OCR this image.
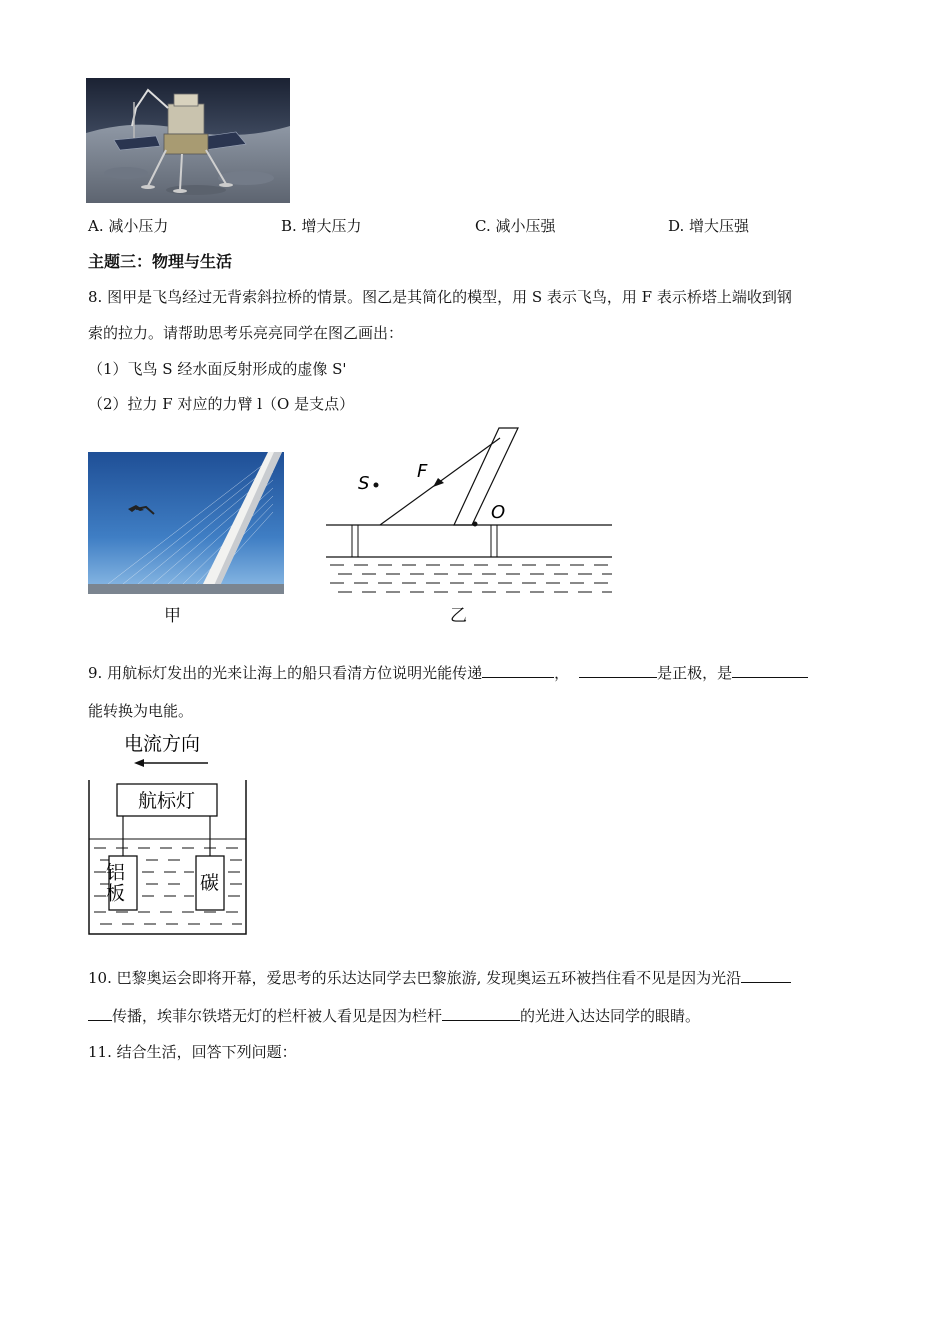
A. 减小压力	B. 增大压力	C. 减小压强	D. 增大压强
主题三：物理与生活
8. 图甲是飞鸟经过无背索斜拉桥的情景。图乙是其简化的模型，用 S 表示飞鸟，用 F 表示桥塔上端收到钢
索的拉力。请帮助思考乐亮亮同学在图乙画出：
（1）飞鸟 S 经水面反射形成的虚像 S'
（2）拉力 F 对应的力臂 l（O 是支点）
甲
S
F
O
乙
9. 用航标灯发出的光来让海上的船只看清方位说明光能传递	，	是正极，是
能转换为电能。
电流方向
航标灯
铝板	碳
10. 巴黎奥运会即将开幕，爱思考的乐达达同学去巴黎旅游, 发现奥运五环被挡住看不见是因为光沿
传播，埃菲尔铁塔无灯的栏杆被人看见是因为栏杆	的光进入达达同学的眼睛。
11. 结合生活，回答下列问题：
